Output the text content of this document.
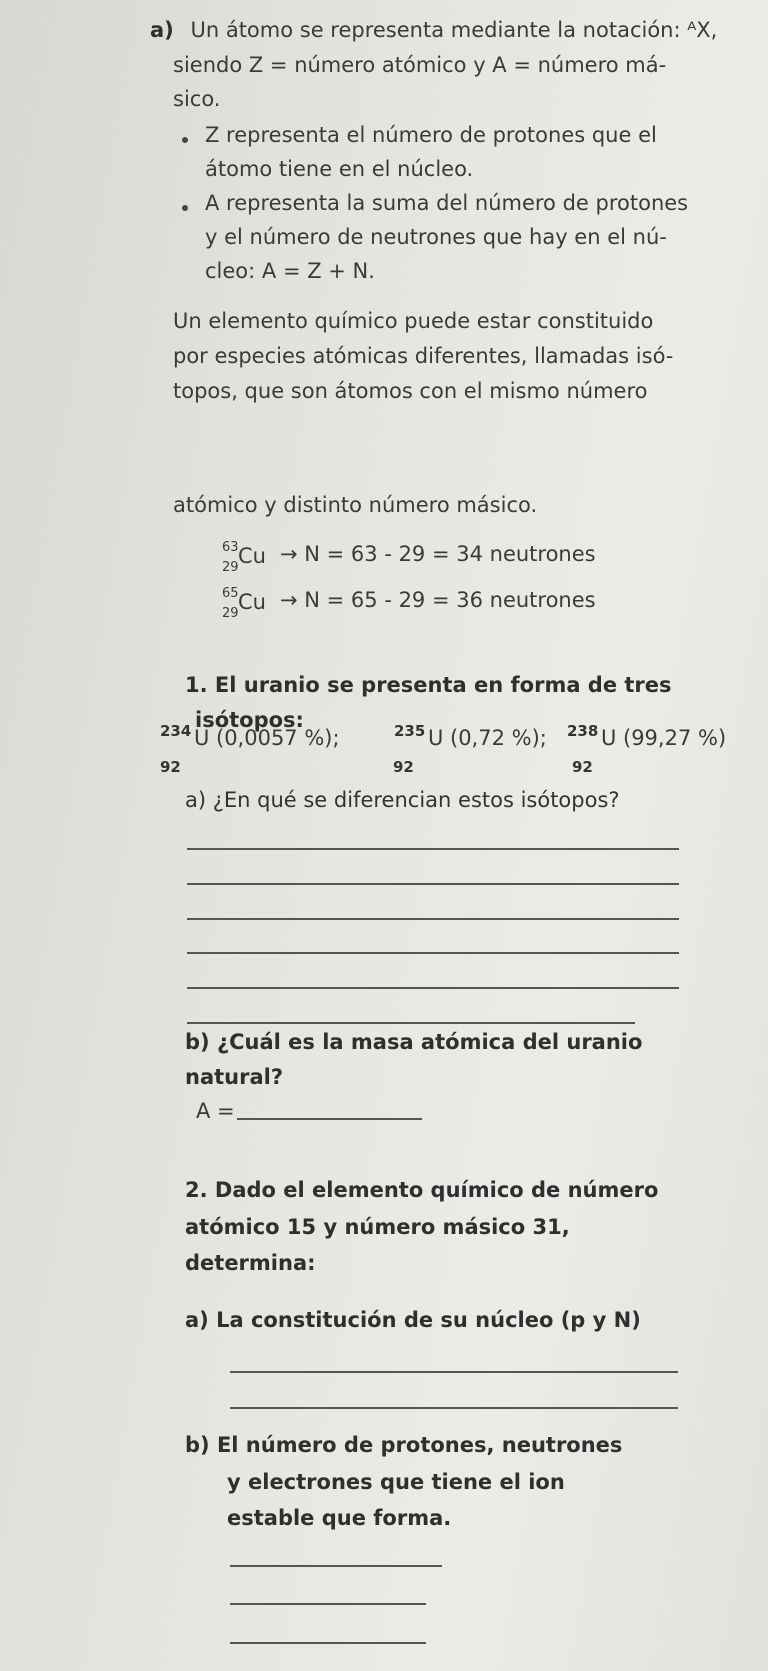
a) Un átomo se representa mediante la notación: ᴬX,
siendo Z = número atómico y A = número má-
sico.
Z representa el número de protones que el
átomo tiene en el núcleo.
A representa la suma del número de protones
y el número de neutrones que hay en el nú-
cleo: A = Z + N.
Un elemento químico puede estar constituido
por especies atómicas diferentes, llamadas isó-
topos, que son átomos con el mismo número
atómico y distinto número másico.
63
29 Cu → N = 63 - 29 = 34 neutrones
65
29 Cu → N = 65 - 29 = 36 neutrones
1. El uranio se presenta en forma de tres
isótopos:
234 U (0,0057 %);
92
235 U (0,72 %);
92
238 U (99,27 %)
92
a) ¿En qué se diferencian estos isótopos?
b) ¿Cuál es la masa atómica del uranio
natural?
A =
2. Dado el elemento químico de número
atómico 15 y número másico 31,
determina:
a) La constitución de su núcleo (p y N)
b) El número de protones, neutrones
y electrones que tiene el ion
estable que forma.
